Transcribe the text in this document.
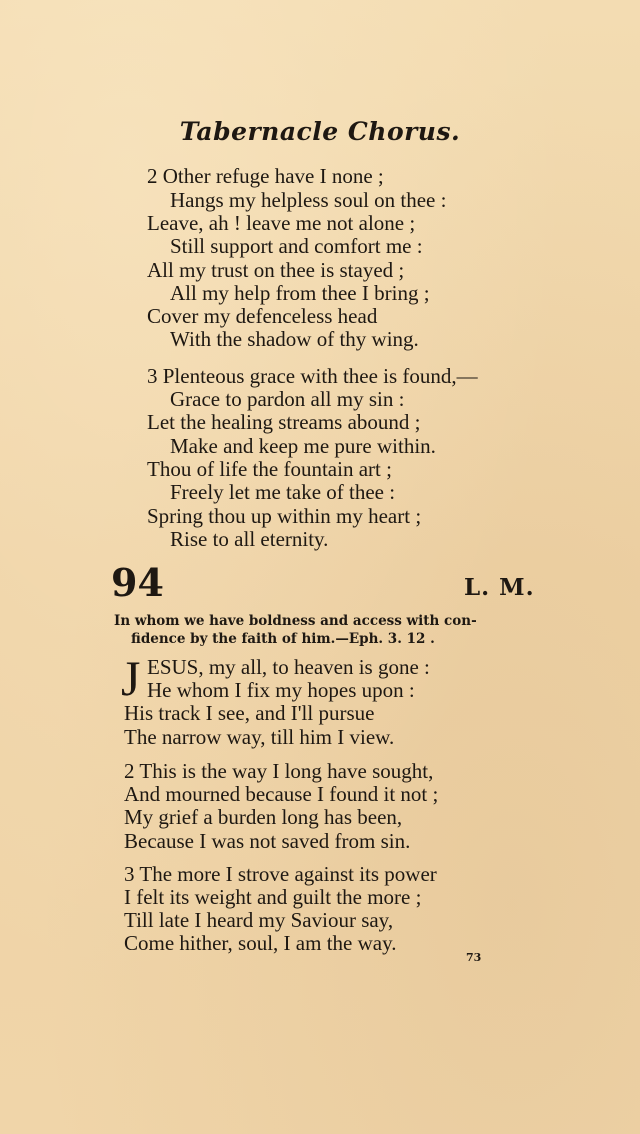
Tabernacle Chorus.
2 Other refuge have I none ;
Hangs my helpless soul on thee :
Leave, ah ! leave me not alone ;
Still support and comfort me :
All my trust on thee is stayed ;
All my help from thee I bring ;
Cover my defenceless head
With the shadow of thy wing.
3 Plenteous grace with thee is found,—
Grace to pardon all my sin :
Let the healing streams abound ;
Make and keep me pure within.
Thou of life the fountain art ;
Freely let me take of thee :
Spring thou up within my heart ;
Rise to all eternity.
94	L. M.
In whom we have boldness and access with con-
fidence by the faith of him.—Eph. 3. 12 .
J ESUS, my all, to heaven is gone :
He whom I fix my hopes upon :
His track I see, and I'll pursue
The narrow way, till him I view.
2 This is the way I long have sought,
And mourned because I found it not ;
My grief a burden long has been,
Because I was not saved from sin.
3 The more I strove against its power
I felt its weight and guilt the more ;
Till late I heard my Saviour say,
Come hither, soul, I am the way.
73
